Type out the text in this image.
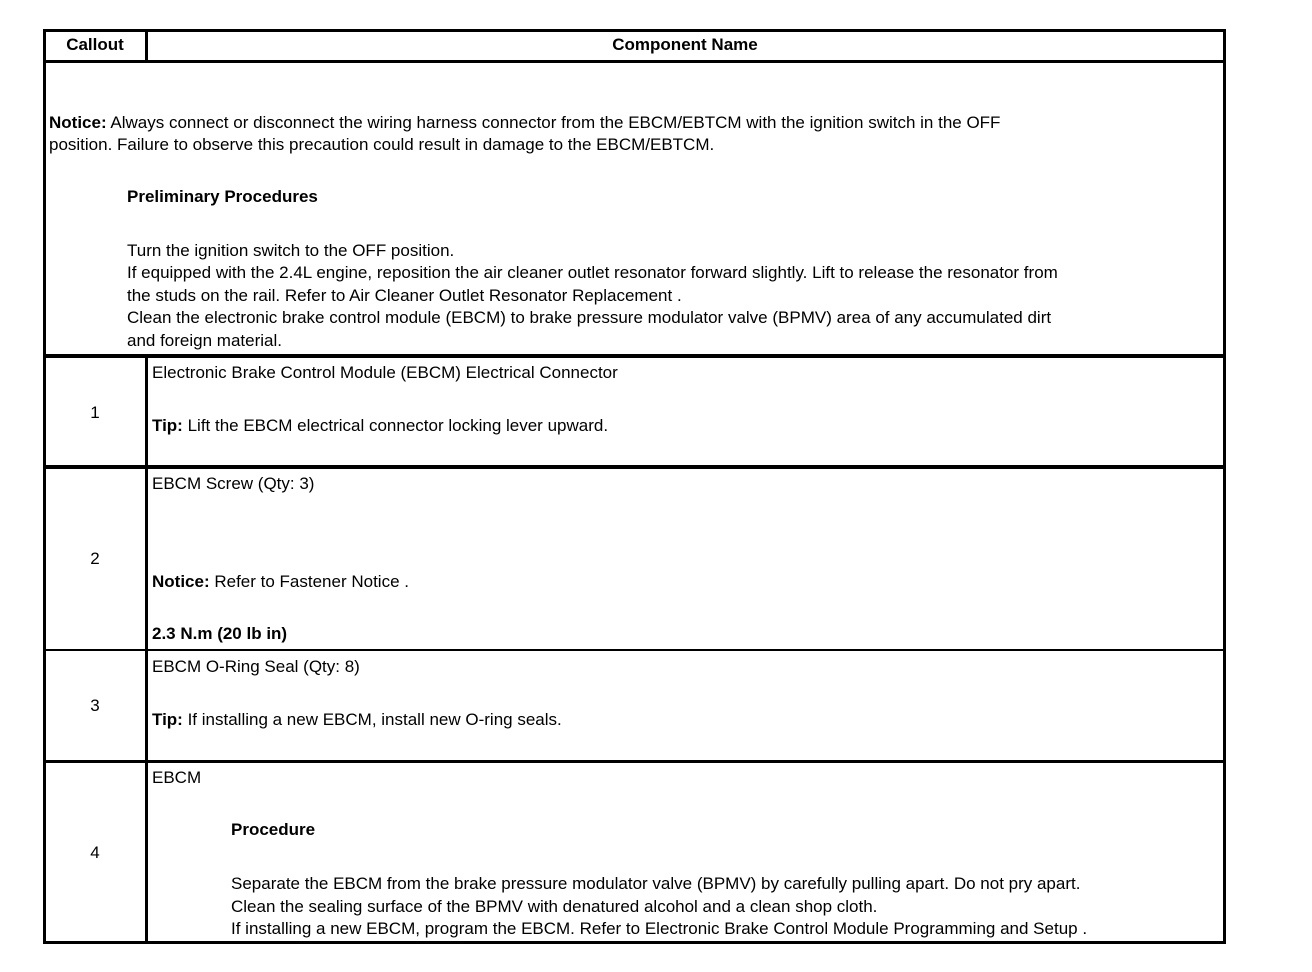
Callout	Component Name
Notice: Always connect or disconnect the wiring harness connector from the EBCM/EBTCM with the ignition switch in the OFF
position. Failure to observe this precaution could result in damage to the EBCM/EBTCM.
Preliminary Procedures
Turn the ignition switch to the OFF position.
If equipped with the 2.4L engine, reposition the air cleaner outlet resonator forward slightly. Lift to release the resonator from
the studs on the rail. Refer to Air Cleaner Outlet Resonator Replacement .
Clean the electronic brake control module (EBCM) to brake pressure modulator valve (BPMV) area of any accumulated dirt
and foreign material.
1
Electronic Brake Control Module (EBCM) Electrical Connector
Tip: Lift the EBCM electrical connector locking lever upward.
2
EBCM Screw (Qty: 3)
Notice: Refer to Fastener Notice .
2.3 N.m (20 lb in)
3
EBCM O-Ring Seal (Qty: 8)
Tip: If installing a new EBCM, install new O-ring seals.
4
EBCM
Procedure
Separate the EBCM from the brake pressure modulator valve (BPMV) by carefully pulling apart. Do not pry apart.
Clean the sealing surface of the BPMV with denatured alcohol and a clean shop cloth.
If installing a new EBCM, program the EBCM. Refer to Electronic Brake Control Module Programming and Setup .
